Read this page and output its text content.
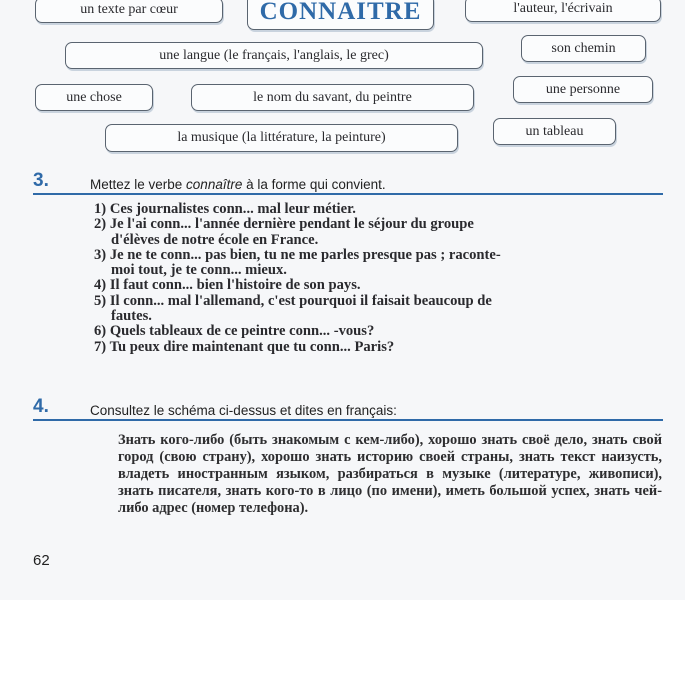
un texte par cœur	CONNAITRE	l'auteur, l'écrivain
une langue (le français, l'anglais, le grec)	son chemin
une chose	le nom du savant, du peintre
une personne
la musique (la littérature, la peinture)	un tableau
3.	Mettez le verbe connaître à la forme qui convient.
1) Ces journalistes conn... mal leur métier.
2) Je l'ai conn... l'année dernière pendant le séjour du groupe
d'élèves de notre école en France.
3) Je ne te conn... pas bien, tu ne me parles presque pas ; raconte-
moi tout, je te conn... mieux.
4) Il faut conn... bien l'histoire de son pays.
5) Il conn... mal l'allemand, c'est pourquoi il faisait beaucoup de
fautes.
6) Quels tableaux de ce peintre conn... -vous?
7) Tu peux dire maintenant que tu conn... Paris?
4.	Consultez le schéma ci-dessus et dites en français:
Знать кого-либо (быть знакомым с кем-либо), хорошо знать своё дело, знать свой город (свою страну), хорошо знать историю своей страны, знать текст наизусть, владеть иностранным языком, разбираться в музыке (литературе, живописи), знать писателя, знать кого-то в лицо (по имени), иметь большой успех, знать чей-либо адрес (номер телефона).
62
